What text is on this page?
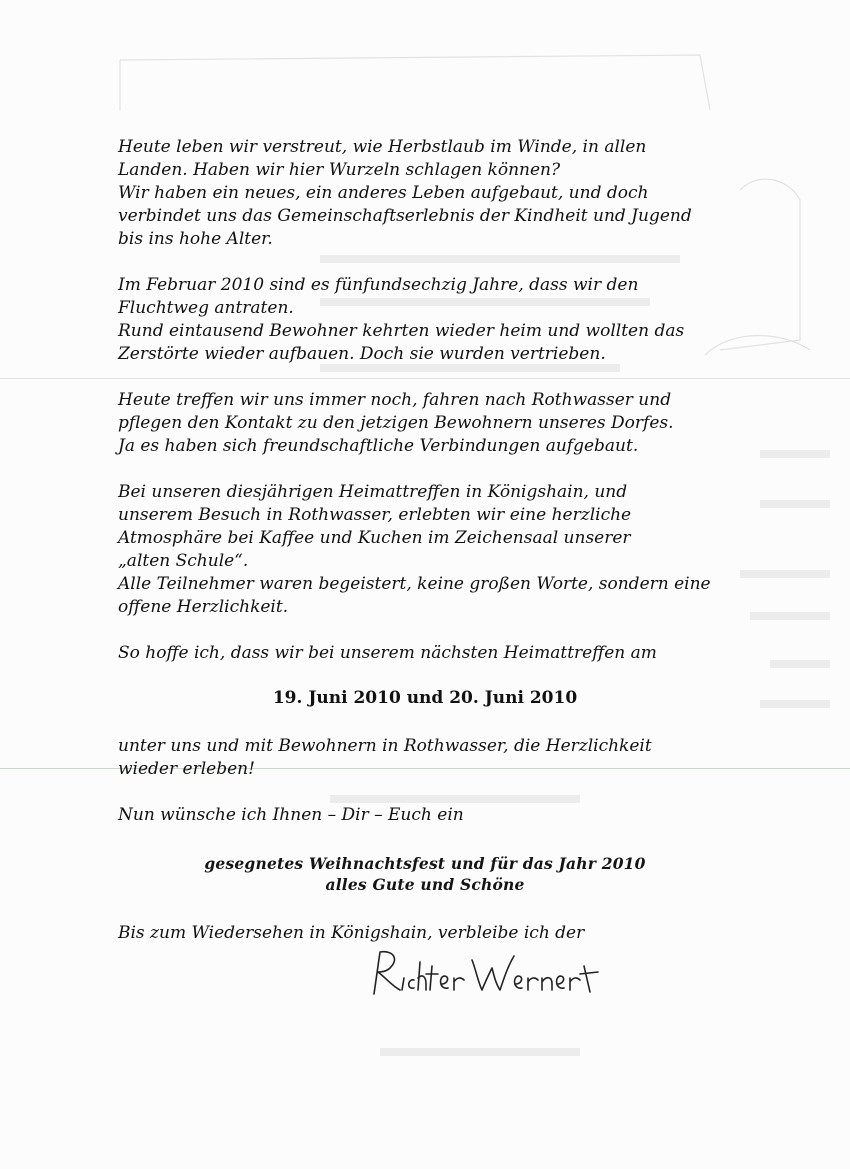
Heute leben wir verstreut, wie Herbstlaub im Winde, in allen
Landen. Haben wir hier Wurzeln schlagen können?
Wir haben ein neues, ein anderes Leben aufgebaut, und doch
verbindet uns das Gemeinschaftserlebnis der Kindheit und Jugend
bis ins hohe Alter.

Im Februar 2010 sind es fünfundsechzig Jahre, dass wir den
Fluchtweg antraten.
Rund eintausend Bewohner kehrten wieder heim und wollten das
Zerstörte wieder aufbauen. Doch sie wurden vertrieben.

Heute treffen wir uns immer noch, fahren nach Rothwasser und
pflegen den Kontakt zu den jetzigen Bewohnern unseres Dorfes.
Ja es haben sich freundschaftliche Verbindungen aufgebaut.

Bei unseren diesjährigen Heimattreffen in Königshain, und
unserem Besuch in Rothwasser, erlebten wir eine herzliche
Atmosphäre bei Kaffee und Kuchen im Zeichensaal unserer
„alten Schule“.
Alle Teilnehmer waren begeistert, keine großen Worte, sondern eine
offene Herzlichkeit.

So hoffe ich, dass wir bei unserem nächsten Heimattreffen am

19. Juni 2010 und 20. Juni 2010
unter uns und mit Bewohnern in Rothwasser, die Herzlichkeit
wieder erleben!
Nun wünsche ich Ihnen – Dir – Euch ein
gesegnetes Weihnachtsfest und für das Jahr 2010
alles Gute und Schöne
Bis zum Wiedersehen in Königshain, verbleibe ich der
